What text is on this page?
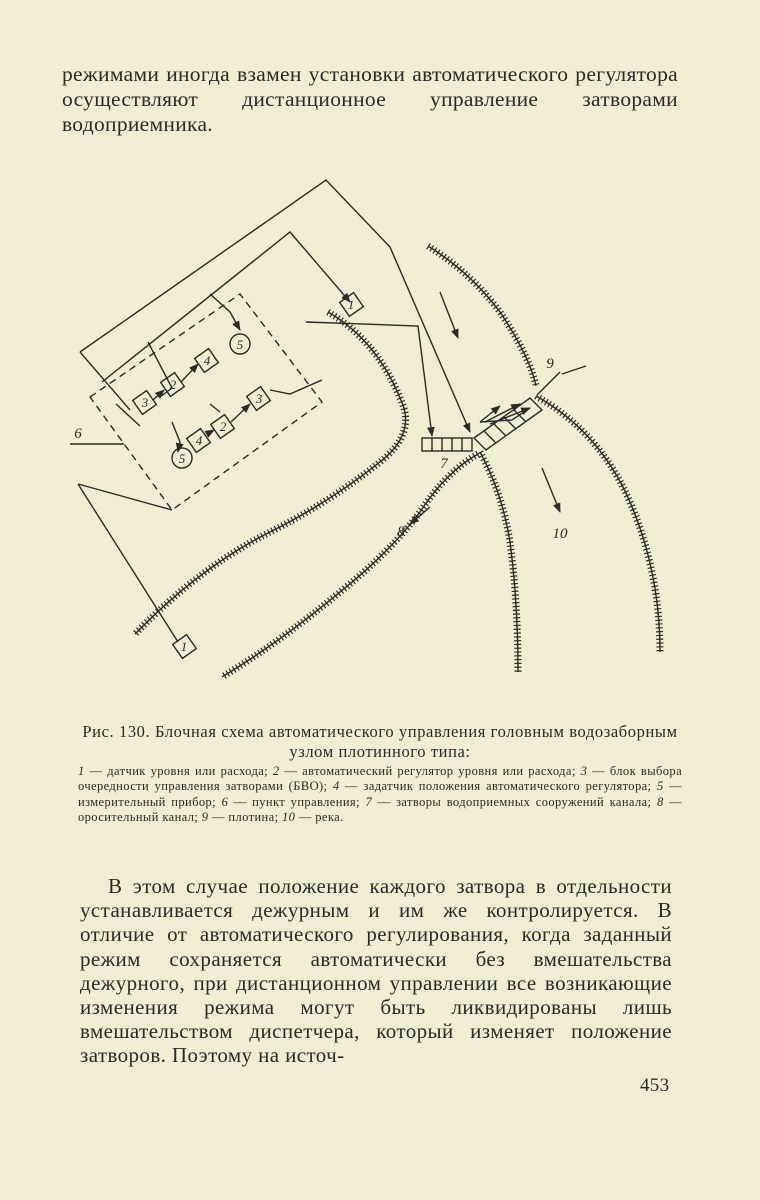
режимами иногда взамен установки автоматического регулятора осуществляют дистанционное управление затворами водоприемника.

1
1
3
2
4
5
5
4
2
3
6
7
8
9
10

Рис. 130. Блочная схема автоматического управления головным водозаборным узлом плотинного типа:

1 — датчик уровня или расхода; 2 — автоматический регулятор уровня или расхода; 3 — блок выбора очередности управления затворами (БВО); 4 — задатчик положения автоматического регулятора; 5 — измерительный прибор; 6 — пункт управления; 7 — затворы водоприемных сооружений канала; 8 — оросительный канал; 9 — плотина; 10 — река.

В этом случае положение каждого затвора в отдельности устанавливается дежурным и им же контролируется. В отличие от автоматического регулирования, когда заданный режим сохраняется автоматически без вмешательства дежурного, при дистанционном управлении все возникающие изменения режима могут быть ликвидированы лишь вмешательством диспетчера, который изменяет положение затворов. Поэтому на источ-

453
